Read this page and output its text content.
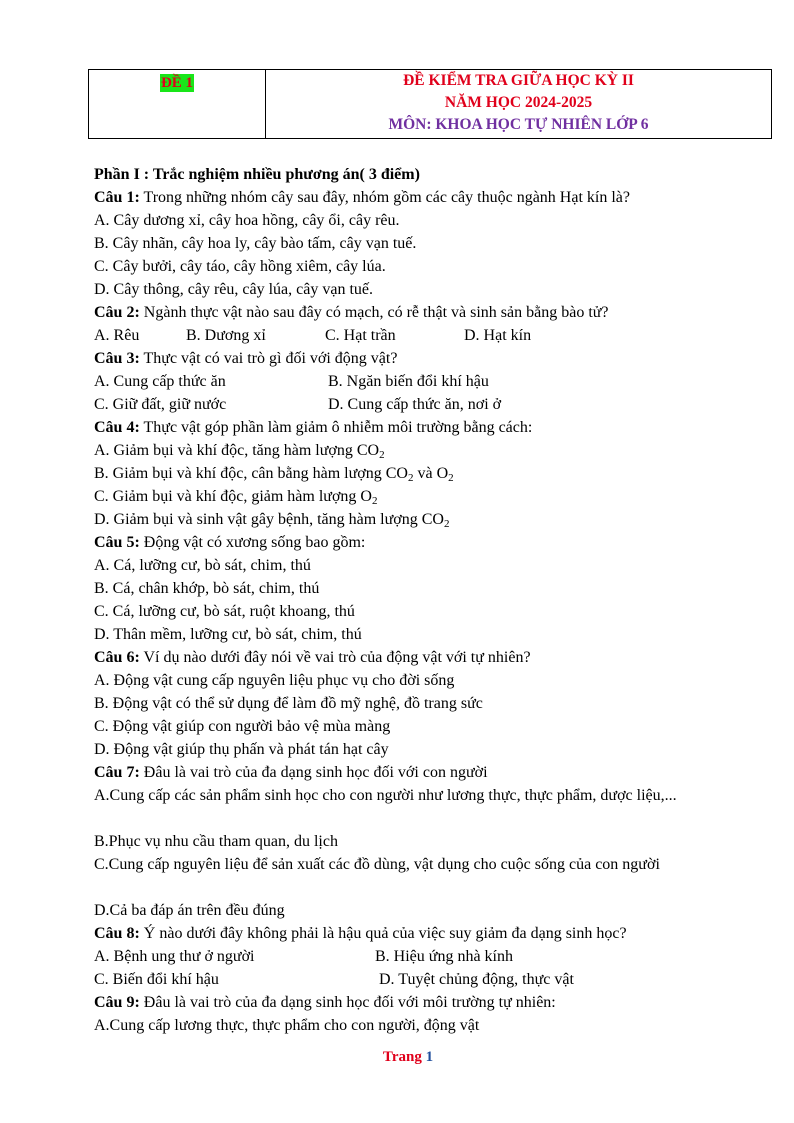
ĐỀ 1	ĐỀ KIỂM TRA GIỮA HỌC KỲ II
NĂM HỌC 2024-2025
MÔN: KHOA HỌC TỰ NHIÊN LỚP 6
Phần I : Trắc nghiệm nhiều phương án( 3 điểm)
Câu 1: Trong những nhóm cây sau đây, nhóm gồm các cây thuộc ngành Hạt kín là?
A. Cây dương xỉ, cây hoa hồng, cây ổi, cây rêu.
B. Cây nhãn, cây hoa ly, cây bào tấm, cây vạn tuế.
C. Cây bưởi, cây táo, cây hồng xiêm, cây lúa.
D. Cây thông, cây rêu, cây lúa, cây vạn tuế.
Câu 2: Ngành thực vật nào sau đây có mạch, có rễ thật và sinh sản bằng bào tử?
A. Rêu	B. Dương xỉ	C. Hạt trần	D. Hạt kín
Câu 3: Thực vật có vai trò gì đối với động vật?
A. Cung cấp thức ăn	B. Ngăn biến đổi khí hậu
C. Giữ đất, giữ nước	D. Cung cấp thức ăn, nơi ở
Câu 4: Thực vật góp phần làm giảm ô nhiễm môi trường bằng cách:
A. Giảm bụi và khí độc, tăng hàm lượng $CO_2$
B. Giảm bụi và khí độc, cân bằng hàm lượng $CO_2$ và $O_2$
C. Giảm bụi và khí độc, giảm hàm lượng $O_2$
D. Giảm bụi và sinh vật gây bệnh, tăng hàm lượng $CO_2$
Câu 5: Động vật có xương sống bao gồm:
A. Cá, lưỡng cư, bò sát, chim, thú
B. Cá, chân khớp, bò sát, chim, thú
C. Cá, lưỡng cư, bò sát, ruột khoang, thú
D. Thân mềm, lưỡng cư, bò sát, chim, thú
Câu 6: Ví dụ nào dưới đây nói về vai trò của động vật với tự nhiên?
A. Động vật cung cấp nguyên liệu phục vụ cho đời sống
B. Động vật có thể sử dụng để làm đồ mỹ nghệ, đồ trang sức
C. Động vật giúp con người bảo vệ mùa màng
D. Động vật giúp thụ phấn và phát tán hạt cây
Câu 7: Đâu là vai trò của đa dạng sinh học đối với con người
A.Cung cấp các sản phẩm sinh học cho con người như lương thực, thực phẩm, dược liệu,...
B.Phục vụ nhu cầu tham quan, du lịch
C.Cung cấp nguyên liệu để sản xuất các đồ dùng, vật dụng cho cuộc sống của con người
D.Cả ba đáp án trên đều đúng
Câu 8: Ý nào dưới đây không phải là hậu quả của việc suy giảm đa dạng sinh học?
A. Bệnh ung thư ở người	B. Hiệu ứng nhà kính
C. Biến đổi khí hậu	D. Tuyệt chủng động, thực vật
Câu 9: Đâu là vai trò của đa dạng sinh học đối với môi trường tự nhiên:
A.Cung cấp lương thực, thực phẩm cho con người, động vật
Trang 1
